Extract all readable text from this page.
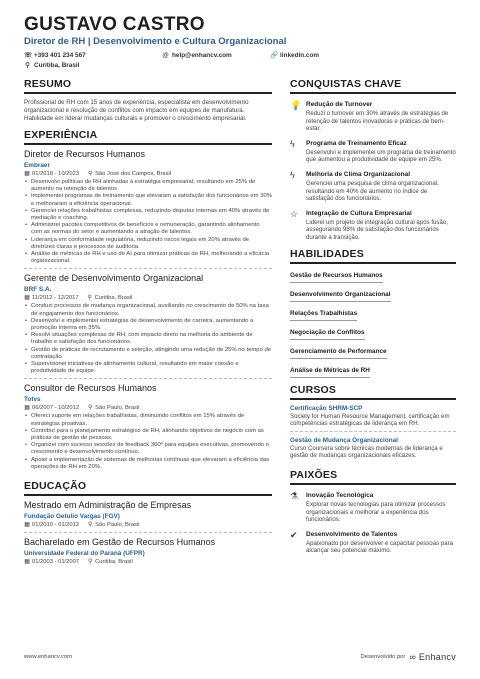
GUSTAVO CASTRO
Diretor de RH | Desenvolvimento e Cultura Organizacional
☏ +393 401 234 567	@ help@enhancv.com	🔗 linkedin.com
⚲ Curitiba, Brasil
RESUMO
Profissional de RH com 15 anos de experiência, especialista em desenvolvimento organizacional e resolução de conflitos com impacto em equipes de manufatura. Habilidade em liderar mudanças culturais e promover o crescimento empresarial.
EXPERIÊNCIA
Diretor de Recursos Humanos
Embraer
▦ 01/2018 - 10/2023 ⚲ São José dos Campos, Brasil
• Desenvolvi políticas de RH alinhadas à estratégia empresarial, resultando em 25% de aumento na retenção de talentos.
• Implementei programas de treinamento que elevaram a satisfação dos funcionários em 30% e melhoraram a eficiência operacional.
• Gerenciei relações trabalhistas complexas, reduzindo disputas internas em 40% através de mediação e coaching.
• Administrei pacotes competitivos de benefícios e remuneração, garantindo alinhamento com as normas do setor e aumentando a atração de talentos.
• Liderança em conformidade regulatória, reduzindo riscos legais em 20% através de diretrizes claras e processos de auditoria.
• Análise de métricas de RH e uso de AI para otimizar práticas de RH, melhorando a eficácia organizacional.
Gerente de Desenvolvimento Organizacional
BRF S.A.
▦ 11/2012 - 12/2017 ⚲ Curitiba, Brasil
• Conduzi processos de mudança organizacional, auxiliando no crescimento de 50% na taxa de engajamento dos funcionários.
• Desenvolvi e implementei estratégias de desenvolvimento de carreira, aumentando a promoção interna em 35%.
• Resolvi situações complexas de RH, com impacto direto na melhoria do ambiente de trabalho e satisfação dos funcionários.
• Gestão de práticas de recrutamento e seleção, atingindo uma redução de 25% no tempo de contratação.
• Supervisionei iniciativas de alinhamento cultural, resultando em maior coesão e produtividade de equipe.
Consultor de Recursos Humanos
Totvs
▦ 06/2007 - 10/2012 ⚲ São Paulo, Brasil
• Ofereci suporte em relações trabalhistas, diminuindo conflitos em 15% através de estratégias proativas.
• Contribuí para o planejamento estratégico de RH, alinhando objetivos de negócio com as práticas de gestão de pessoas.
• Organizei com sucesso sessões de feedback 360º para equipes executivas, promovendo o crescimento e desenvolvimento contínuo.
• Apoiei a implementação de sistemas de melhorias contínuas que elevaram a eficiência das operações de RH em 20%.
EDUCAÇÃO
Mestrado em Administração de Empresas
Fundação Getulio Vargas (FGV)
▦ 01/2010 - 01/2012 ⚲ São Paulo, Brasil
Bacharelado em Gestão de Recursos Humanos
Universidade Federal do Paraná (UFPR)
▦ 01/2003 - 01/2007 ⚲ Curitiba, Brasil
CONQUISTAS CHAVE
💡 Redução de Turnover
Reduzi o turnover em 30% através de estratégias de retenção de talentos inovadoras e práticas de bem-estar.
ϟ	Programa de Treinamento Eficaz
Desenvolvi e implementei um programa de treinamento que aumentou a produtividade de equipe em 25%.
ϟ	Melhoria de Clima Organizacional
Gerenciei uma pesquisa de clima organizacional, resultando em 40% de aumento no índice de satisfação dos funcionários.
☆	Integração de Cultura Empresarial
Liderei um projeto de integração cultural após fusão, assegurando 98% de satisfação dos funcionários durante a transição.
HABILIDADES
Gestão de Recursos Humanos
Desenvolvimento Organizacional
Relações Trabalhistas
Negociação de Conflitos
Gerenciamento de Performance
Análise de Métricas de RH
CURSOS
Certificação SHRM-SCP
Society for Human Resource Management, certificação em competências estratégicas de liderança em RH.
Gestão de Mudança Organizacional
Curso Coursera sobre técnicas modernas de liderança e gestão de mudanças organizacionais eficazes.
PAIXÕES
⚗	Inovação Tecnológica
Explorar novas tecnologias para otimizar processos organizacionais e melhorar a experiência dos funcionários.
✔	Desenvolvimento de Talentos
Apaixonado por desenvolver e capacitar pessoas para alcançar seu potencial máximo.
www.enhancv.com	Desenvolvido por ∞ Enhancv
